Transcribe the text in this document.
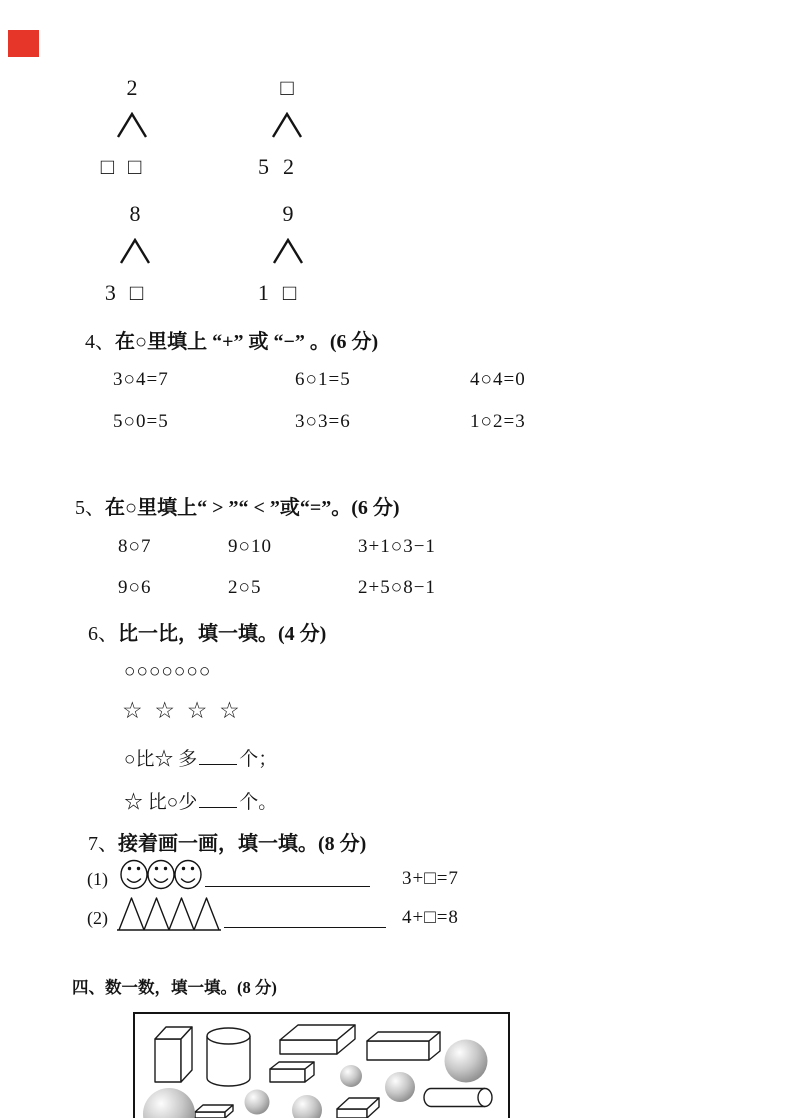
2
□ □
□
5 2
8
3 □
9
1 □
4、在○里填上 “+” 或 “−” 。(6 分)
3○4=7	6○1=5	4○4=0
5○0=5	3○3=6	1○2=3
5、在○里填上“ > ”“ < ”或“=”。(6 分)
8○7	9○10	3+1○3−1
9○6	2○5	2+5○8−1
6、比一比，填一填。(4 分)
○○○○○○○
☆ ☆ ☆ ☆
○比☆ 多 个；
☆ 比○少 个。
7、接着画一画，填一填。(8 分)
(1)	3+□=7
(2)	4+□=8
四、数一数，填一填。(8 分)
